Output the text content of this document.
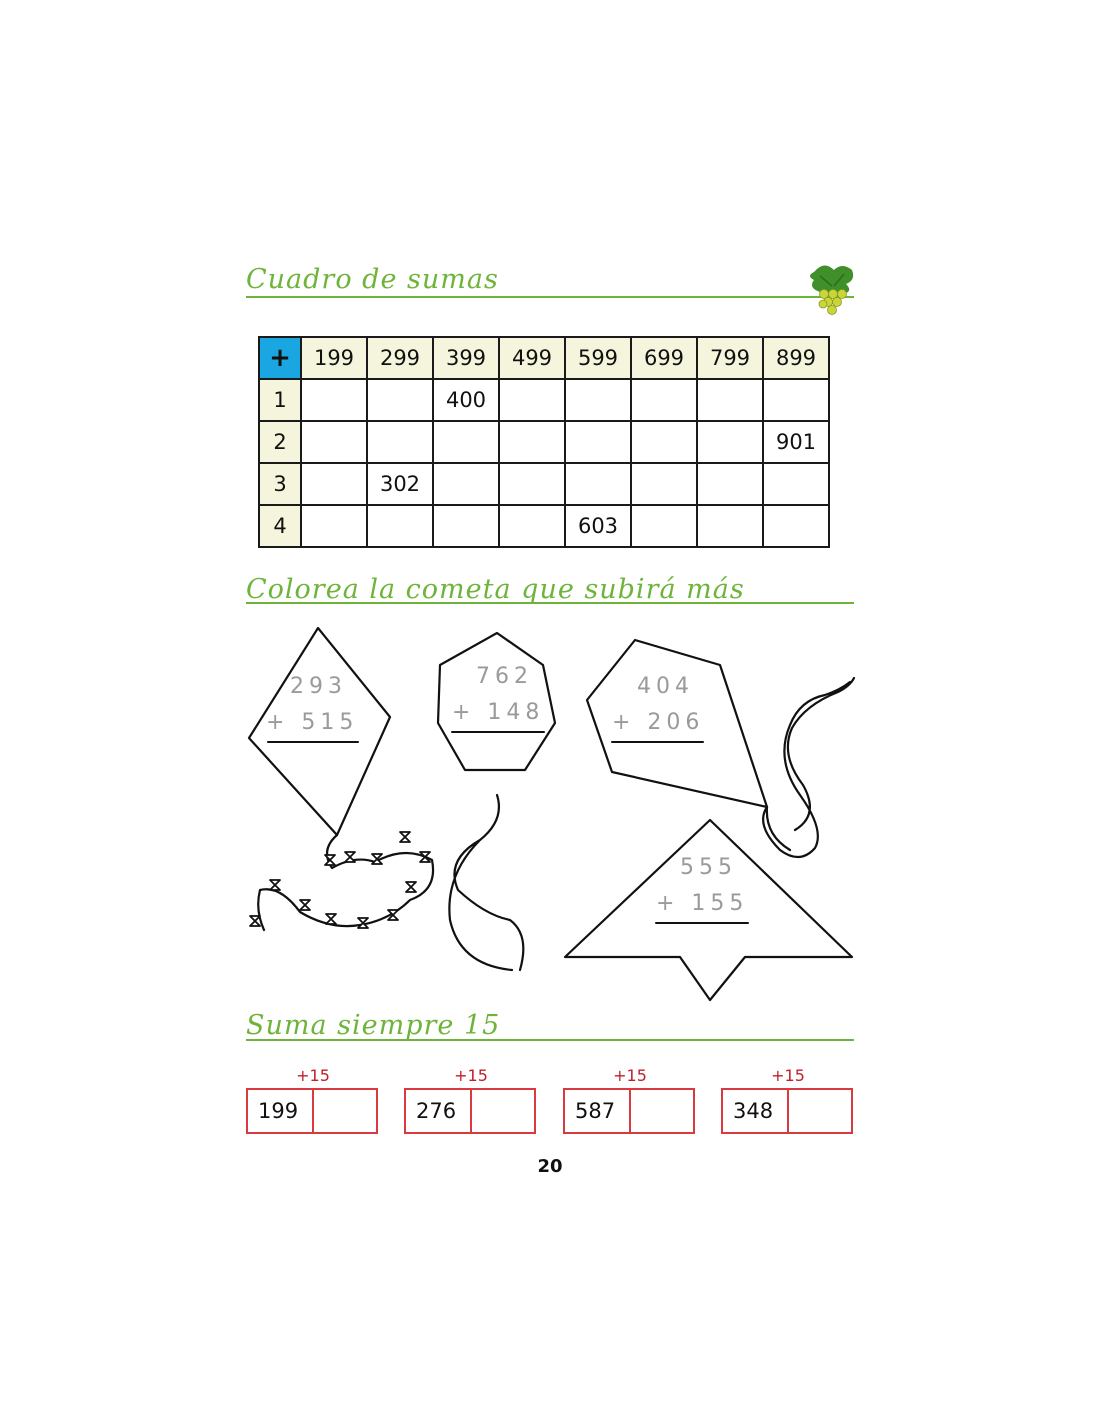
Cuadro de sumas
+	199	299	399	499	599	699	799	899
1			400					
2								901
3		302						
4					603			
Colorea la cometa que subirá más
293
+ 515
762
+ 148
404
+ 206
555
+ 155
Suma siempre 15
+15
199
+15
276
+15
587
+15
348
20
